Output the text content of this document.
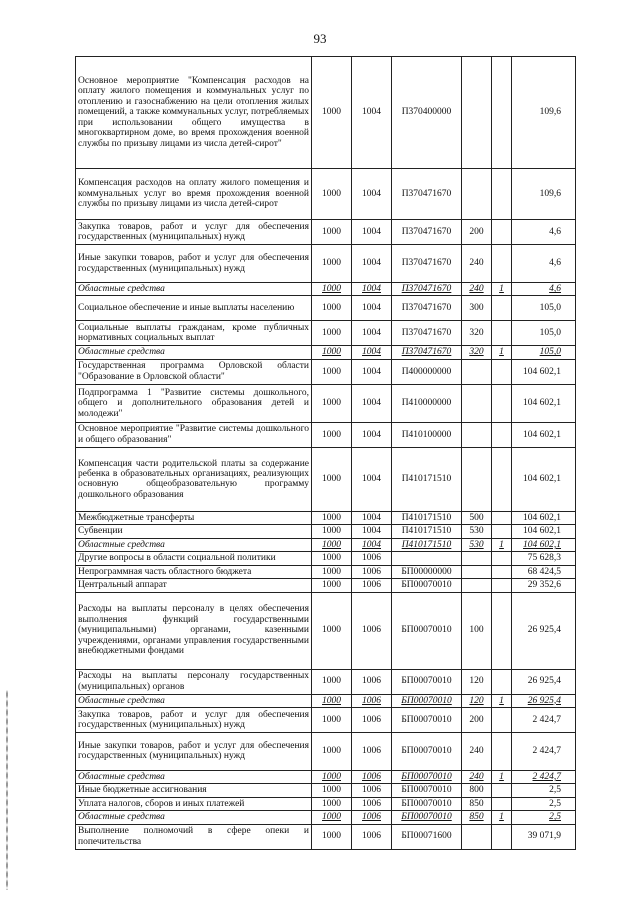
93
Основное мероприятие "Компенсация расходов на оплату жилого помещения и коммунальных услуг по отоплению и газоснабжению на цели отопления жилых помещений, а также коммунальных услуг, потребляемых при использовании общего имущества в многоквартирном доме, во время прохождения военной службы по призыву лицами из числа детей-сирот"	1000	1004	П370400000			109,6
Компенсация расходов на оплату жилого помещения и коммунальных услуг во время прохождения военной службы по призыву лицами из числа детей-сирот	1000	1004	П370471670			109,6
Закупка товаров, работ и услуг для обеспечения государственных (муниципальных) нужд	1000	1004	П370471670	200		4,6
Иные закупки товаров, работ и услуг для обеспечения государственных (муниципальных) нужд	1000	1004	П370471670	240		4,6
Областные средства	1000	1004	П370471670	240	1	4,6
Социальное обеспечение и иные выплаты населению	1000	1004	П370471670	300		105,0
Социальные выплаты гражданам, кроме публичных нормативных социальных выплат	1000	1004	П370471670	320		105,0
Областные средства	1000	1004	П370471670	320	1	105,0
Государственная программа Орловской области "Образование в Орловской области"	1000	1004	П400000000			104 602,1
Подпрограмма 1 "Развитие системы дошкольного, общего и дополнительного образования детей и молодежи"	1000	1004	П410000000			104 602,1
Основное мероприятие "Развитие системы дошкольного и общего образования"	1000	1004	П410100000			104 602,1
Компенсация части родительской платы за содержание ребенка в образовательных организациях, реализующих основную общеобразовательную программу дошкольного образования	1000	1004	П410171510			104 602,1
Межбюджетные трансферты	1000	1004	П410171510	500		104 602,1
Субвенции	1000	1004	П410171510	530		104 602,1
Областные средства	1000	1004	П410171510	530	1	104 602,1
Другие вопросы в области социальной политики	1000	1006				75 628,3
Непрограммная часть областного бюджета	1000	1006	БП00000000			68 424,5
Центральный аппарат	1000	1006	БП00070010			29 352,6
Расходы на выплаты персоналу в целях обеспечения выполнения функций государственными (муниципальными) органами, казенными учреждениями, органами управления государственными внебюджетными фондами	1000	1006	БП00070010	100		26 925,4
Расходы на выплаты персоналу государственных (муниципальных) органов	1000	1006	БП00070010	120		26 925,4
Областные средства	1000	1006	БП00070010	120	1	26 925,4
Закупка товаров, работ и услуг для обеспечения государственных (муниципальных) нужд	1000	1006	БП00070010	200		2 424,7
Иные закупки товаров, работ и услуг для обеспечения государственных (муниципальных) нужд	1000	1006	БП00070010	240		2 424,7
Областные средства	1000	1006	БП00070010	240	1	2 424,7
Иные бюджетные ассигнования	1000	1006	БП00070010	800		2,5
Уплата налогов, сборов и иных платежей	1000	1006	БП00070010	850		2,5
Областные средства	1000	1006	БП00070010	850	1	2,5
Выполнение полномочий в сфере опеки и попечительства	1000	1006	БП00071600			39 071,9
